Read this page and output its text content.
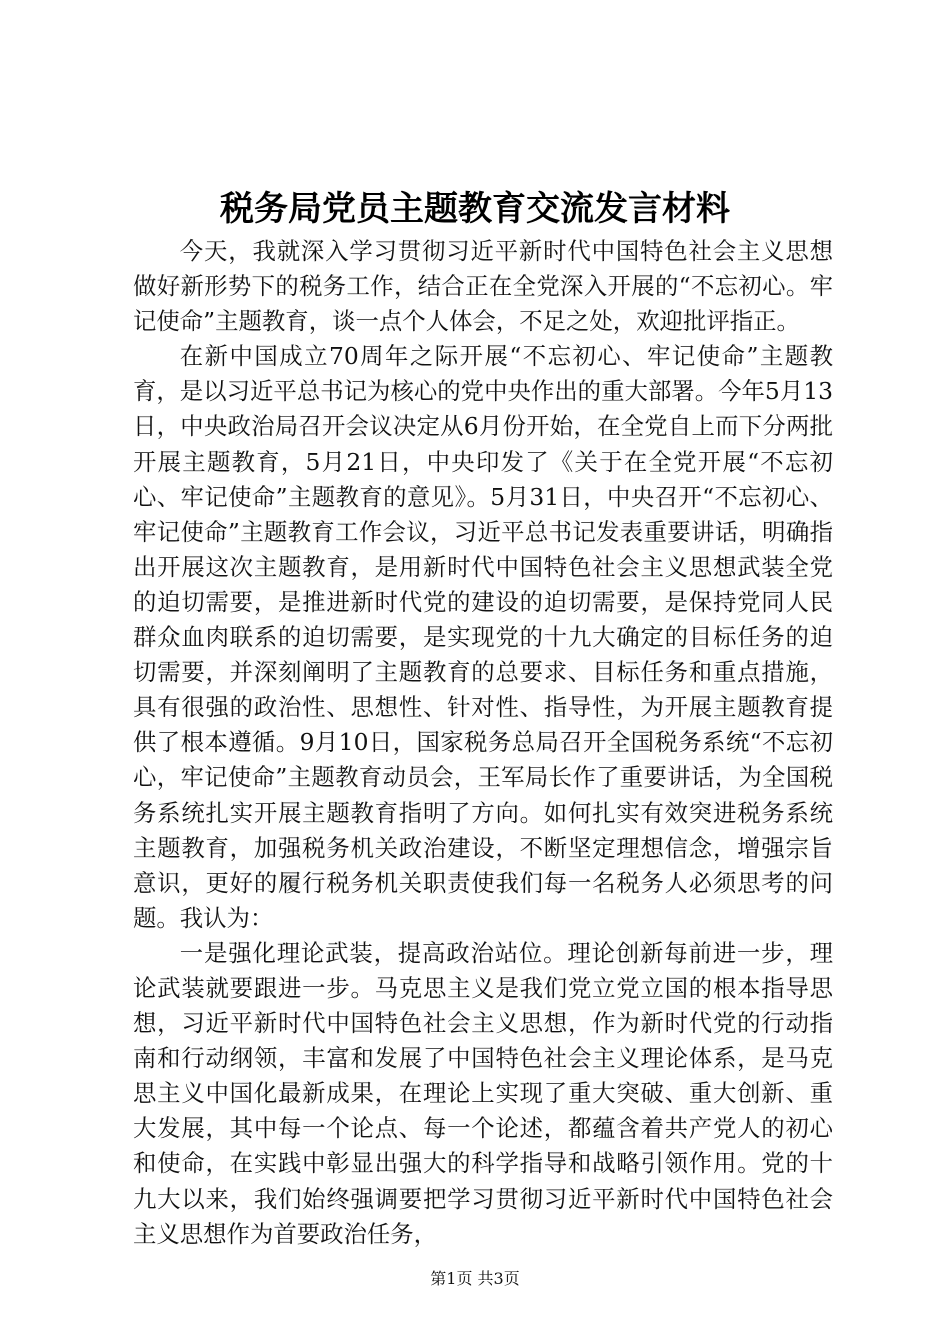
税务局党员主题教育交流发言材料

今天，我就深入学习贯彻习近平新时代中国特色社会主义思想做好新形势下的税务工作，结合正在全党深入开展的“不忘初心。牢记使命”主题教育，谈一点个人体会，不足之处，欢迎批评指正。

在新中国成立70周年之际开展“不忘初心、牢记使命”主题教育，是以习近平总书记为核心的党中央作出的重大部署。今年5月13日，中央政治局召开会议决定从6月份开始，在全党自上而下分两批开展主题教育，5月21日，中央印发了《关于在全党开展“不忘初心、牢记使命”主题教育的意见》。5月31日，中央召开“不忘初心、牢记使命”主题教育工作会议，习近平总书记发表重要讲话，明确指出开展这次主题教育，是用新时代中国特色社会主义思想武装全党的迫切需要，是推进新时代党的建设的迫切需要，是保持党同人民群众血肉联系的迫切需要，是实现党的十九大确定的目标任务的迫切需要，并深刻阐明了主题教育的总要求、目标任务和重点措施，具有很强的政治性、思想性、针对性、指导性，为开展主题教育提供了根本遵循。9月10日，国家税务总局召开全国税务系统“不忘初心，牢记使命”主题教育动员会，王军局长作了重要讲话，为全国税务系统扎实开展主题教育指明了方向。如何扎实有效突进税务系统主题教育，加强税务机关政治建设，不断坚定理想信念，增强宗旨意识，更好的履行税务机关职责使我们每一名税务人必须思考的问题。我认为：

一是强化理论武装，提高政治站位。理论创新每前进一步，理论武装就要跟进一步。马克思主义是我们党立党立国的根本指导思想，习近平新时代中国特色社会主义思想，作为新时代党的行动指南和行动纲领，丰富和发展了中国特色社会主义理论体系，是马克思主义中国化最新成果，在理论上实现了重大突破、重大创新、重大发展，其中每一个论点、每一个论述，都蕴含着共产党人的初心和使命，在实践中彰显出强大的科学指导和战略引领作用。党的十九大以来，我们始终强调要把学习贯彻习近平新时代中国特色社会主义思想作为首要政治任务，

第1页 共3页
